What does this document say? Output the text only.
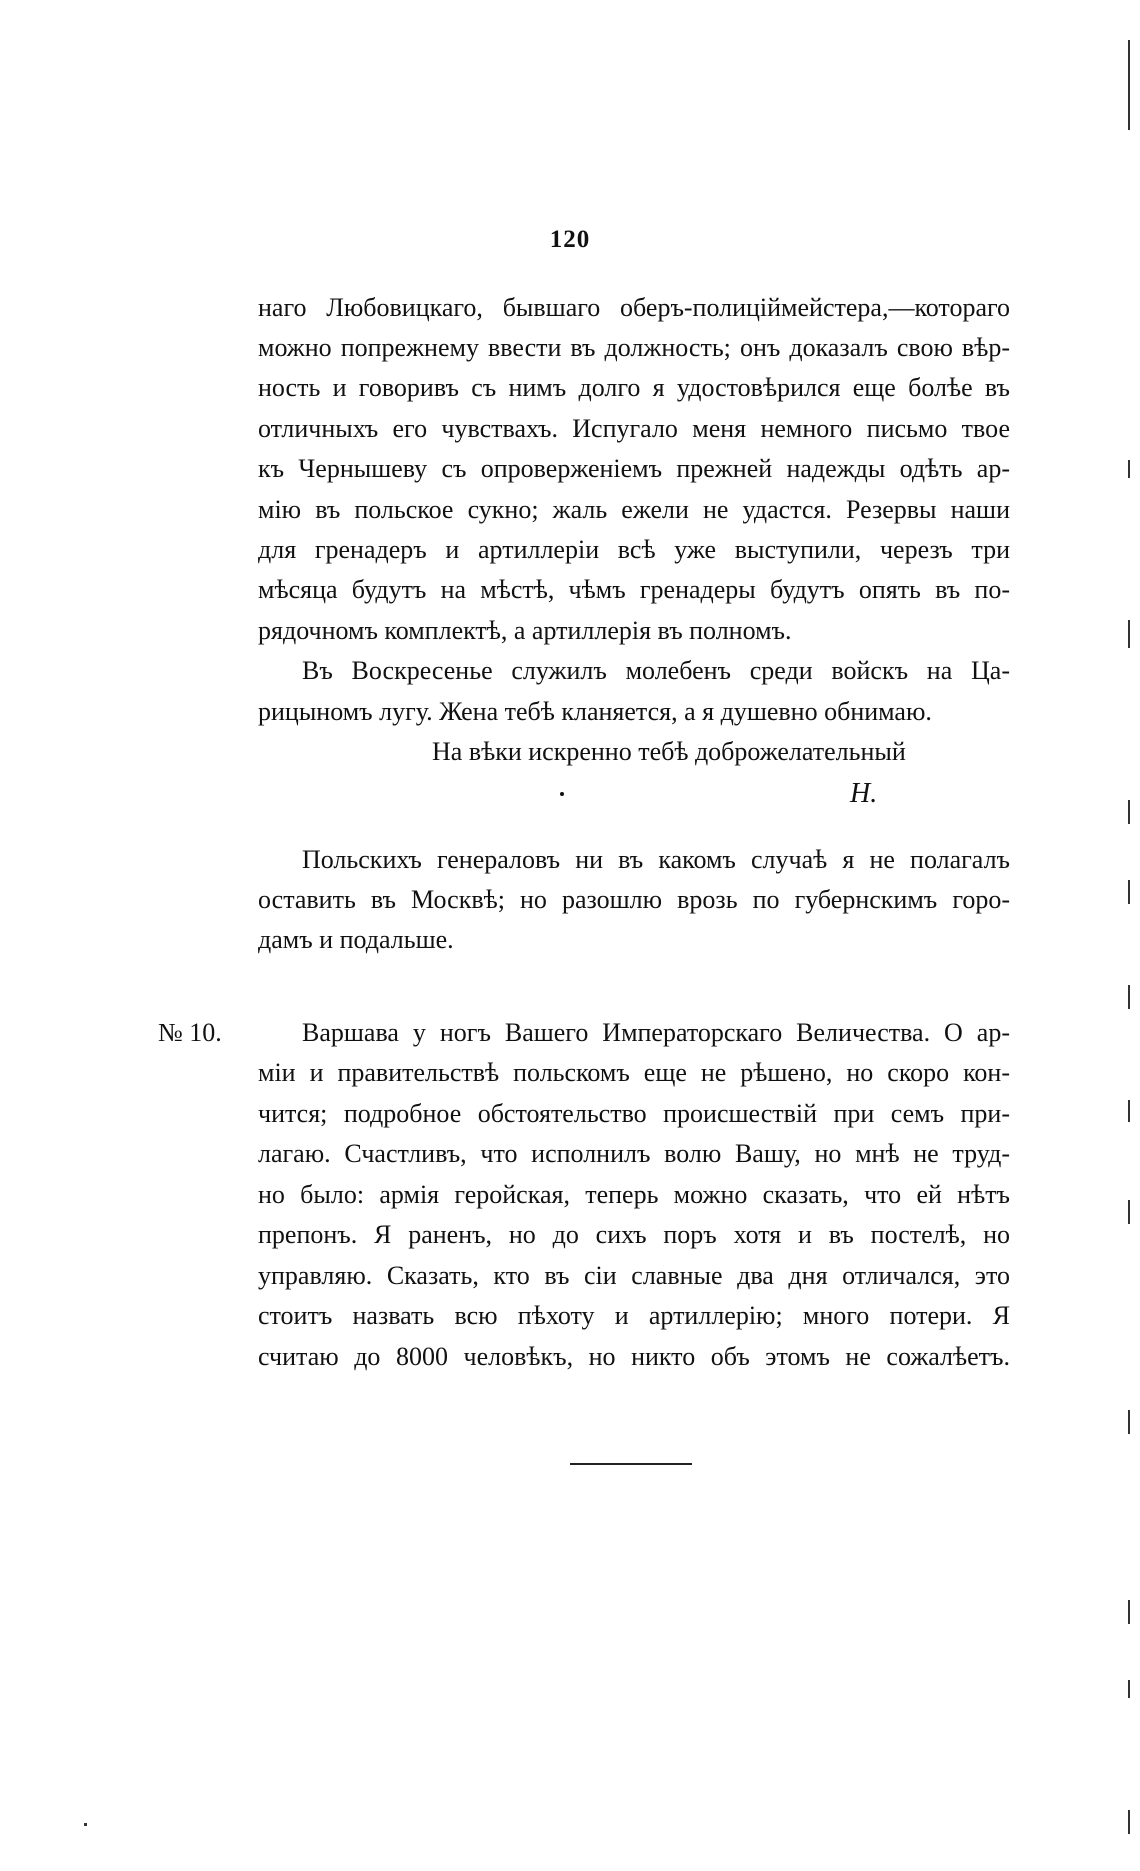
120
наго Любовицкаго, бывшаго оберъ-полицiймейстера,—котораго
можно попрежнему ввести въ должность; онъ доказалъ свою вѣр-
ность и говоривъ съ нимъ долго я удостовѣрился еще болѣе въ
отличныхъ его чувствахъ. Испугало меня немного письмо твое
къ Чернышеву съ опроверженiемъ прежней надежды одѣть ар-
мiю въ польское сукно; жаль ежели не удастся. Резервы наши
для гренадеръ и артиллерiи всѣ уже выступили, черезъ три
мѣсяца будутъ на мѣстѣ, чѣмъ гренадеры будутъ опять въ по-
рядочномъ комплектѣ, а артиллерiя въ полномъ.
Въ Воскресенье служилъ молебенъ среди войскъ на Ца-
рицыномъ лугу. Жена тебѣ кланяется, а я душевно обнимаю.
На вѣки искренно тебѣ доброжелательный
Н.
Польскихъ генераловъ ни въ какомъ случаѣ я не полагалъ
оставить въ Москвѣ; но разошлю врозь по губернскимъ горо-
дамъ и подальше.
№ 10.	Варшава у ногъ Вашего Императорскаго Величества. О ар-
мiи и правительствѣ польскомъ еще не рѣшено, но скоро кон-
чится; подробное обстоятельство происшествiй при семъ при-
лагаю. Счастливъ, что исполнилъ волю Вашу, но мнѣ не труд-
но было: армiя геройская, теперь можно сказать, что ей нѣтъ
препонъ. Я раненъ, но до сихъ поръ хотя и въ постелѣ, но
управляю. Сказать, кто въ сiи славные два дня отличался, это
стоитъ назвать всю пѣхоту и артиллерiю; много потери. Я
считаю до 8000 человѣкъ, но никто объ этомъ не сожалѣетъ.
